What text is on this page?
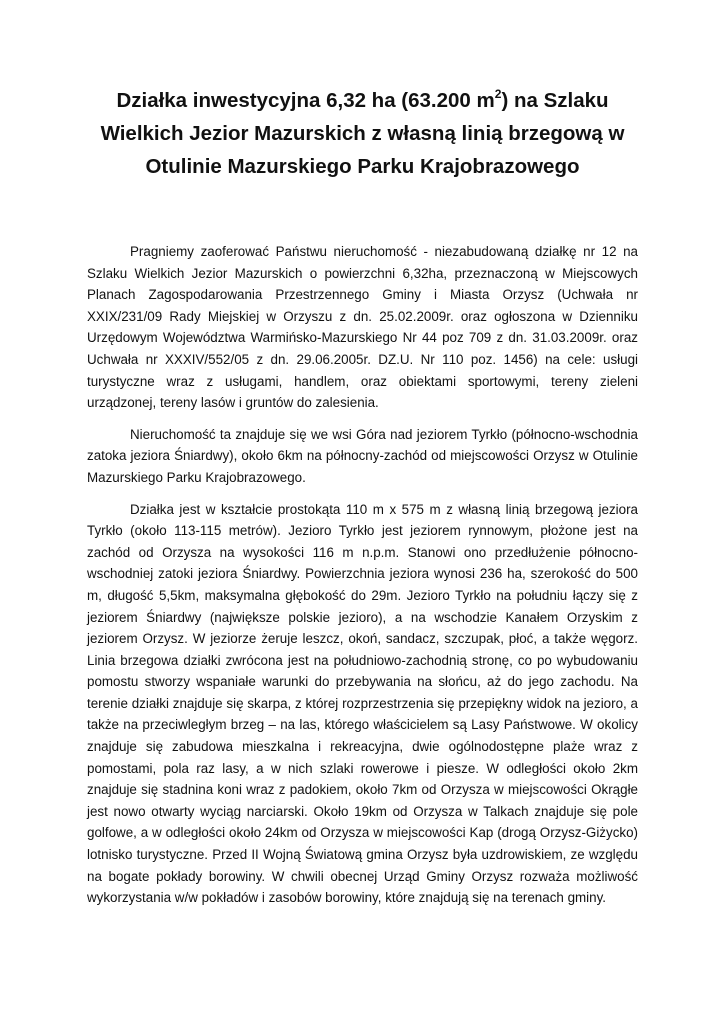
Działka inwestycyjna 6,32 ha (63.200 $m^2$) na Szlaku Wielkich Jezior Mazurskich z własną linią brzegową w Otulinie Mazurskiego Parku Krajobrazowego

Pragniemy zaoferować Państwu nieruchomość - niezabudowaną działkę nr 12 na Szlaku Wielkich Jezior Mazurskich o powierzchni 6,32ha, przeznaczoną w Miejscowych Planach Zagospodarowania Przestrzennego Gminy i Miasta Orzysz (Uchwała nr XXIX/231/09 Rady Miejskiej w Orzyszu z dn. 25.02.2009r. oraz ogłoszona w Dzienniku Urzędowym Województwa Warmińsko-Mazurskiego Nr 44 poz 709 z dn. 31.03.2009r. oraz Uchwała nr XXXIV/552/05 z dn. 29.06.2005r. DZ.U. Nr 110 poz. 1456) na cele: usługi turystyczne wraz z usługami, handlem, oraz obiektami sportowymi, tereny zieleni urządzonej, tereny lasów i gruntów do zalesienia.

Nieruchomość ta znajduje się we wsi Góra nad jeziorem Tyrkło (północno-wschodnia zatoka jeziora Śniardwy), około 6km na północny-zachód od miejscowości Orzysz w Otulinie Mazurskiego Parku Krajobrazowego.

Działka jest w kształcie prostokąta 110 m x 575 m z własną linią brzegową jeziora Tyrkło (około 113-115 metrów). Jezioro Tyrkło jest jeziorem rynnowym, płożone jest na zachód od Orzysza na wysokości 116 m n.p.m. Stanowi ono przedłużenie północno-wschodniej zatoki jeziora Śniardwy. Powierzchnia jeziora wynosi 236 ha, szerokość do 500 m, długość 5,5km, maksymalna głębokość do 29m. Jezioro Tyrkło na południu łączy się z jeziorem Śniardwy (największe polskie jezioro), a na wschodzie Kanałem Orzyskim z jeziorem Orzysz. W jeziorze żeruje leszcz, okoń, sandacz, szczupak, płoć, a także węgorz. Linia brzegowa działki zwrócona jest na południowo-zachodnią stronę, co po wybudowaniu pomostu stworzy wspaniałe warunki do przebywania na słońcu, aż do jego zachodu. Na terenie działki znajduje się skarpa, z której rozprzestrzenia się przepiękny widok na jezioro, a także na przeciwległym brzeg – na las, którego właścicielem są Lasy Państwowe. W okolicy znajduje się zabudowa mieszkalna i rekreacyjna, dwie ogólnodostępne plaże wraz z pomostami, pola raz lasy, a w nich szlaki rowerowe i piesze. W odległości około 2km znajduje się stadnina koni wraz z padokiem, około 7km od Orzysza w miejscowości Okrągłe jest nowo otwarty wyciąg narciarski. Około 19km od Orzysza w Talkach znajduje się pole golfowe, a w odległości około 24km od Orzysza w miejscowości Kap (drogą Orzysz-Giżycko) lotnisko turystyczne. Przed II Wojną Światową gmina Orzysz była uzdrowiskiem, ze względu na bogate pokłady borowiny. W chwili obecnej Urząd Gminy Orzysz rozważa możliwość wykorzystania w/w pokładów i zasobów borowiny, które znajdują się na terenach gminy.
